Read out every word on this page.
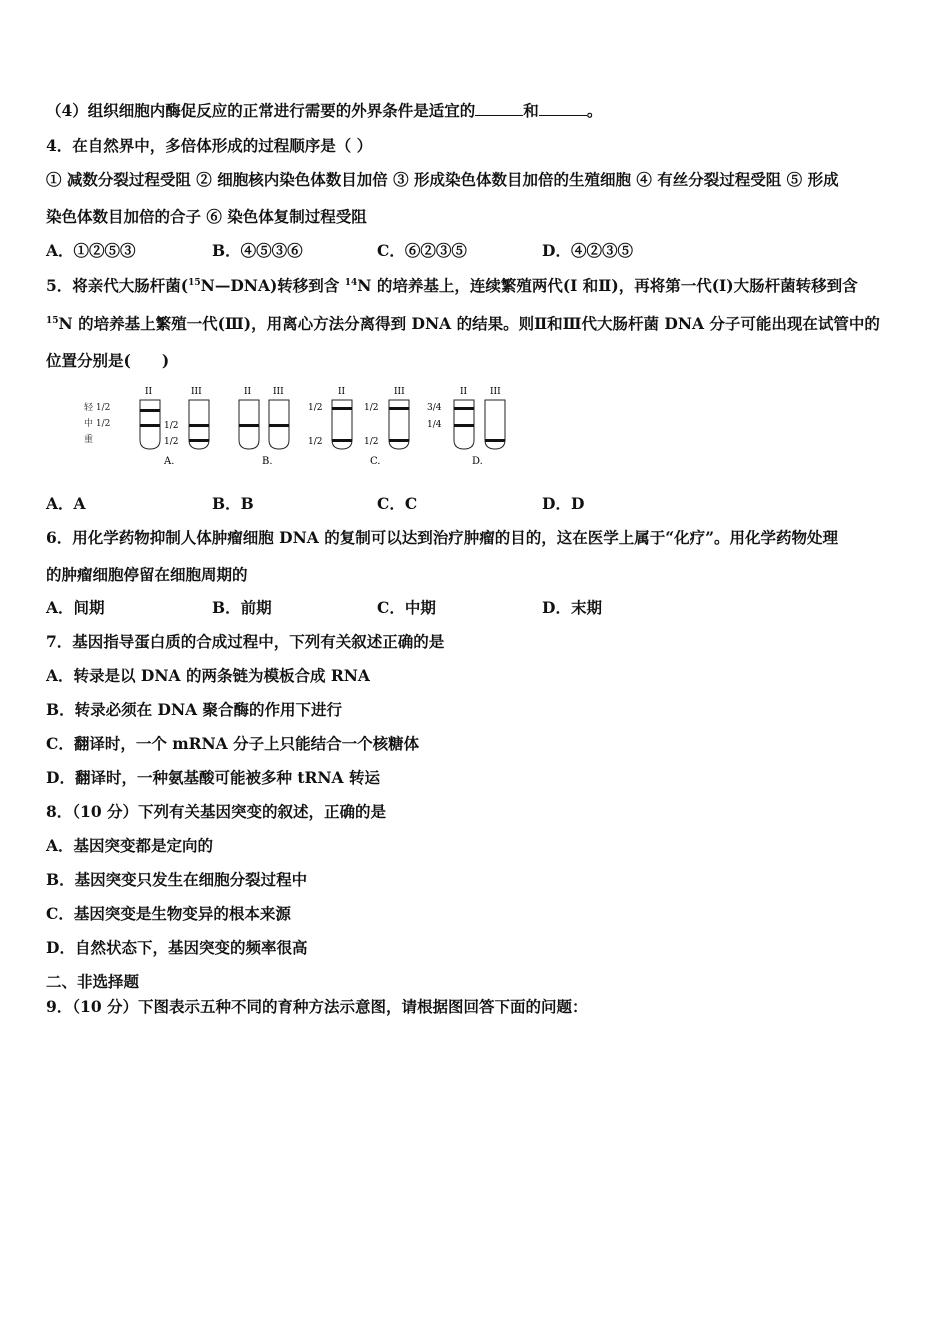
（4）组织细胞内酶促反应的正常进行需要的外界条件是适宜的	和	。
4．在自然界中，多倍体形成的过程顺序是（ ）
① 减数分裂过程受阻 ② 细胞核内染色体数目加倍 ③ 形成染色体数目加倍的生殖细胞 ④ 有丝分裂过程受阻 ⑤ 形成
染色体数目加倍的合子 ⑥ 染色体复制过程受阻
A．①②⑤③	B．④⑤③⑥	C．⑥②③⑤	D．④②③⑤
5．将亲代大肠杆菌($^{15}$N—DNA)转移到含 $^{14}$N 的培养基上，连续繁殖两代(I 和Ⅱ)，再将第一代(I)大肠杆菌转移到含
$^{15}$N 的培养基上繁殖一代(Ⅲ)，用离心方法分离得到 DNA 的结果。则Ⅱ和Ⅲ代大肠杆菌 DNA 分子可能出现在试管中的
位置分别是(　　)
轻 1/2
中 1/2
重
II	III
1/2
1/2
A.
II III
B.
II	III
1/2
1/2
1/2
1/2
C.
II	III
3/4
1/4
D.
A．A	B．B	C．C	D．D
6．用化学药物抑制人体肿瘤细胞 DNA 的复制可以达到治疗肿瘤的目的，这在医学上属于“化疗”。用化学药物处理
的肿瘤细胞停留在细胞周期的
A．间期	B．前期	C．中期	D．末期
7．基因指导蛋白质的合成过程中，下列有关叙述正确的是
A．转录是以 DNA 的两条链为模板合成 RNA
B．转录必须在 DNA 聚合酶的作用下进行
C．翻译时，一个 mRNA 分子上只能结合一个核糖体
D．翻译时，一种氨基酸可能被多种 tRNA 转运
8．（10 分）下列有关基因突变的叙述，正确的是
A．基因突变都是定向的
B．基因突变只发生在细胞分裂过程中
C．基因突变是生物变异的根本来源
D．自然状态下，基因突变的频率很高
二、非选择题
9．（10 分）下图表示五种不同的育种方法示意图，请根据图回答下面的问题：
